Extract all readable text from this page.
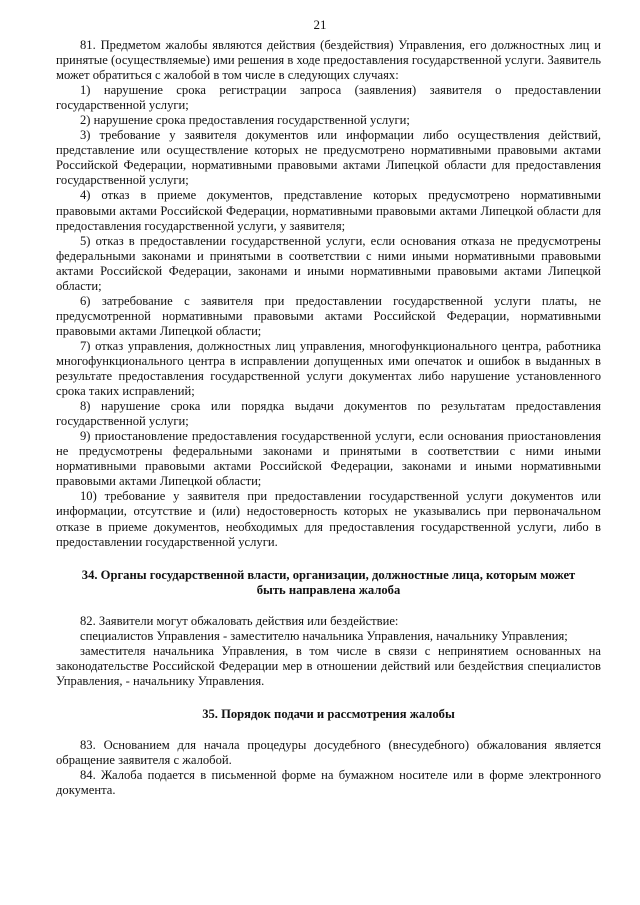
21

81. Предметом жалобы являются действия (бездействия) Управления, его должностных лиц и принятые (осуществляемые) ими решения в ходе предоставления государственной услуги. Заявитель может обратиться с жалобой в том числе в следующих случаях:

1) нарушение срока регистрации запроса (заявления) заявителя о предоставлении государственной услуги;

2) нарушение срока предоставления государственной услуги;

3) требование у заявителя документов или информации либо осуществления действий, представление или осуществление которых не предусмотрено нормативными правовыми актами Российской Федерации, нормативными правовыми актами Липецкой области для предоставления государственной услуги;

4) отказ в приеме документов, представление которых предусмотрено нормативными правовыми актами Российской Федерации, нормативными правовыми актами Липецкой области для предоставления государственной услуги, у заявителя;

5) отказ в предоставлении государственной услуги, если основания отказа не предусмотрены федеральными законами и принятыми в соответствии с ними иными нормативными правовыми актами Российской Федерации, законами и иными нормативными правовыми актами Липецкой области;

6) затребование с заявителя при предоставлении государственной услуги платы, не предусмотренной нормативными правовыми актами Российской Федерации, нормативными правовыми актами Липецкой области;

7) отказ управления, должностных лиц управления, многофункционального центра, работника многофункционального центра в исправлении допущенных ими опечаток и ошибок в выданных в результате предоставления государственной услуги документах либо нарушение установленного срока таких исправлений;

8) нарушение срока или порядка выдачи документов по результатам предоставления государственной услуги;

9) приостановление предоставления государственной услуги, если основания приостановления не предусмотрены федеральными законами и принятыми в соответствии с ними иными нормативными правовыми актами Российской Федерации, законами и иными нормативными правовыми актами Липецкой области;

10) требование у заявителя при предоставлении государственной услуги документов или информации, отсутствие и (или) недостоверность которых не указывались при первоначальном отказе в приеме документов, необходимых для предоставления государственной услуги, либо в предоставлении государственной услуги.

34. Органы государственной власти, организации, должностные лица, которым может быть направлена жалоба

82. Заявители могут обжаловать действия или бездействие:

специалистов Управления - заместителю начальника Управления, начальнику Управления;

заместителя начальника Управления, в том числе в связи с непринятием основанных на законодательстве Российской Федерации мер в отношении действий или бездействия специалистов Управления, - начальнику Управления.

35. Порядок подачи и рассмотрения жалобы

83. Основанием для начала процедуры досудебного (внесудебного) обжалования является обращение заявителя с жалобой.

84. Жалоба подается в письменной форме на бумажном носителе или в форме электронного документа.
